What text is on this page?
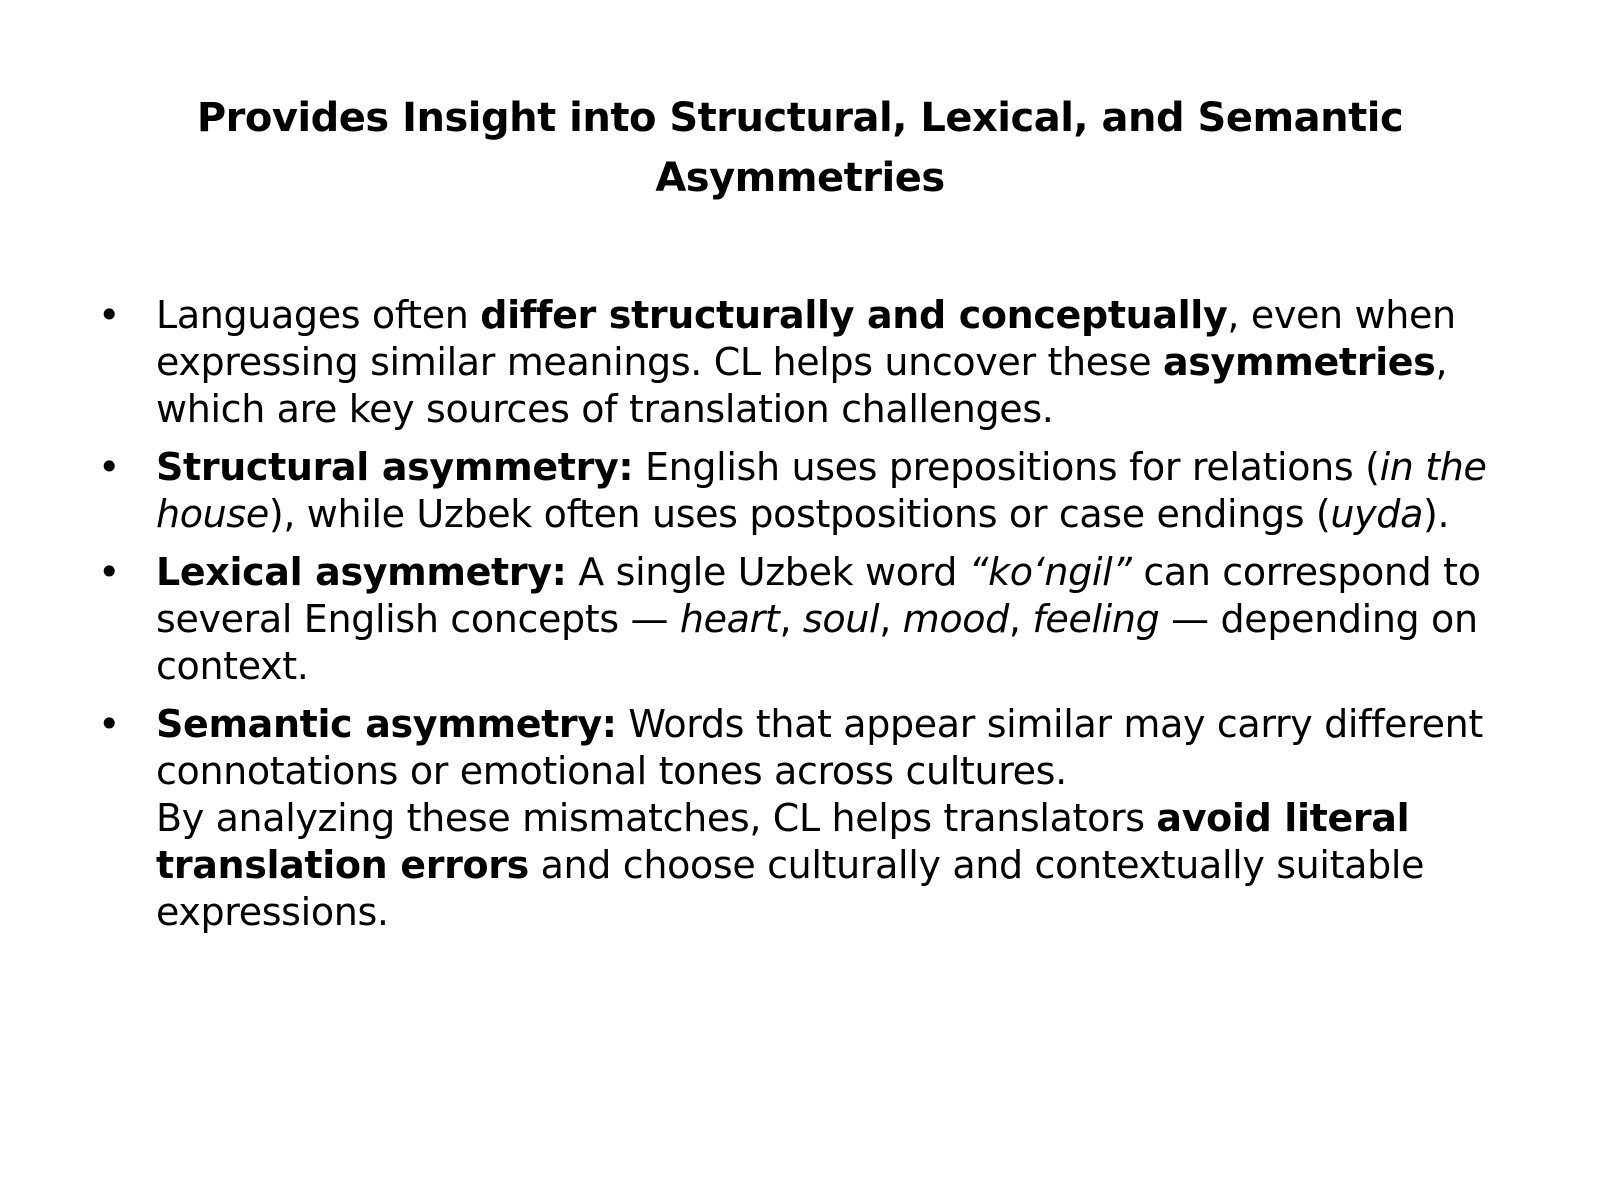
Provides Insight into Structural, Lexical, and Semantic
Asymmetries
• Languages often differ structurally and conceptually, even when expressing similar meanings. CL helps uncover these asymmetries, which are key sources of translation challenges.
• Structural asymmetry: English uses prepositions for relations (in the house), while Uzbek often uses postpositions or case endings (uyda).
• Lexical asymmetry: A single Uzbek word “koʻngil” can correspond to several English concepts — heart, soul, mood, feeling — depending on context.
• Semantic asymmetry: Words that appear similar may carry different connotations or emotional tones across cultures.
By analyzing these mismatches, CL helps translators avoid literal translation errors and choose culturally and contextually suitable expressions.
